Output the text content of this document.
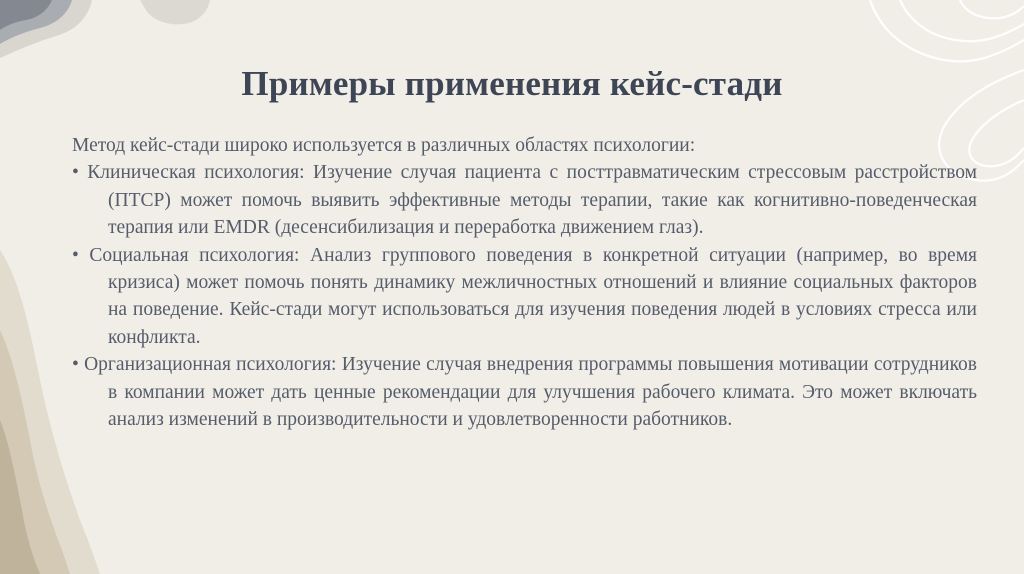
Примеры применения кейс-стади

Метод кейс-стади широко используется в различных областях психологии:

• Клиническая психология: Изучение случая пациента с посттравматическим стрессовым расстройством (ПТСР) может помочь выявить эффективные методы терапии, такие как когнитивно-поведенческая терапия или EMDR (десенсибилизация и переработка движением глаз).
• Социальная психология: Анализ группового поведения в конкретной ситуации (например, во время кризиса) может помочь понять динамику межличностных отношений и влияние социальных факторов на поведение. Кейс-стади могут использоваться для изучения поведения людей в условиях стресса или конфликта.
• Организационная психология: Изучение случая внедрения программы повышения мотивации сотрудников в компании может дать ценные рекомендации для улучшения рабочего климата. Это может включать анализ изменений в производительности и удовлетворенности работников.
